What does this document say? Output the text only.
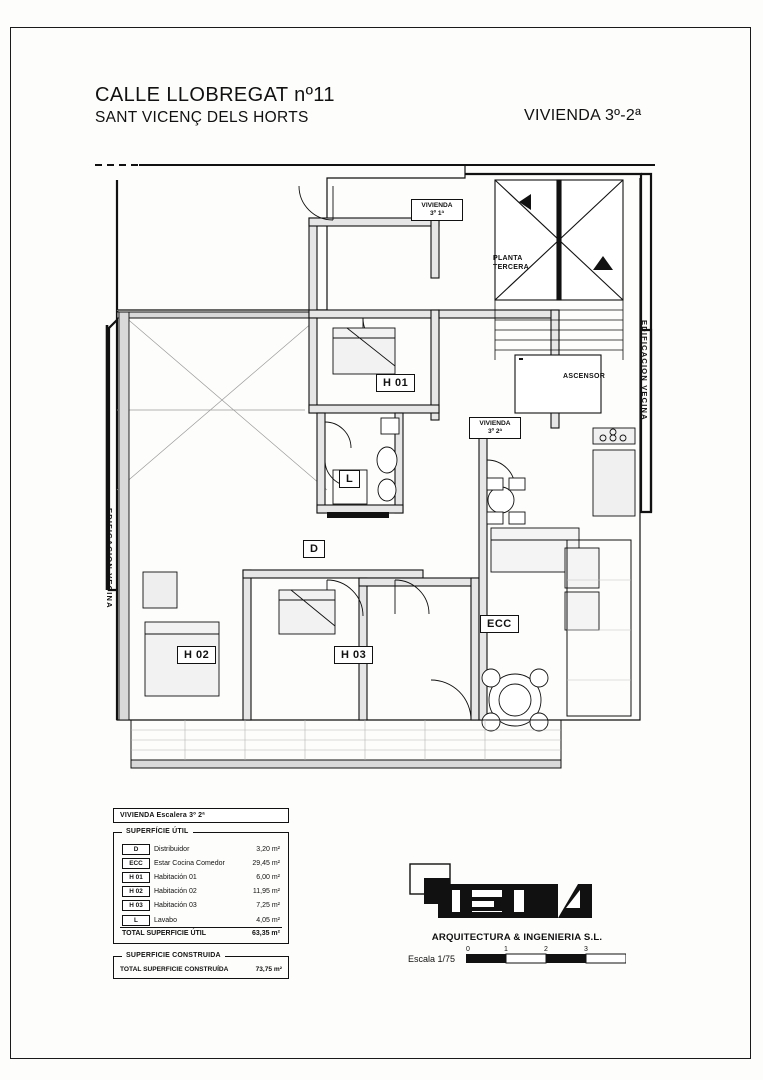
CALLE LLOBREGAT nº11
SANT VICENÇ DELS HORTS	VIVIENDA 3º-2ª
H 01
H 02	H 03
L
D
ECC
VIVIENDA
3º 1ª
VIVIENDA
3º 2ª
PLANTA
TERCERA
ASCENSOR	EDIFICACION VECINA
EDIFICACION VECINA
VIVIENDA Escalera 3º 2ª
SUPERFÍCIE ÚTIL
D	Distribuidor	3,20 m²
ECC	Estar Cocina Comedor	29,45 m²
H 01	Habitación 01	6,00 m²
H 02	Habitación 02	11,95 m²
H 03	Habitación 03	7,25 m²
L	Lavabo	4,05 m²
TOTAL SUPERFICIE ÚTIL		63,35 m²
SUPERFICIE CONSTRUIDA
TOTAL SUPERFICIE CONSTRUÍDA	73,75 m²
ARQUITECTURA & INGENIERIA S.L.
Escala 1/75
0	1	2	3
